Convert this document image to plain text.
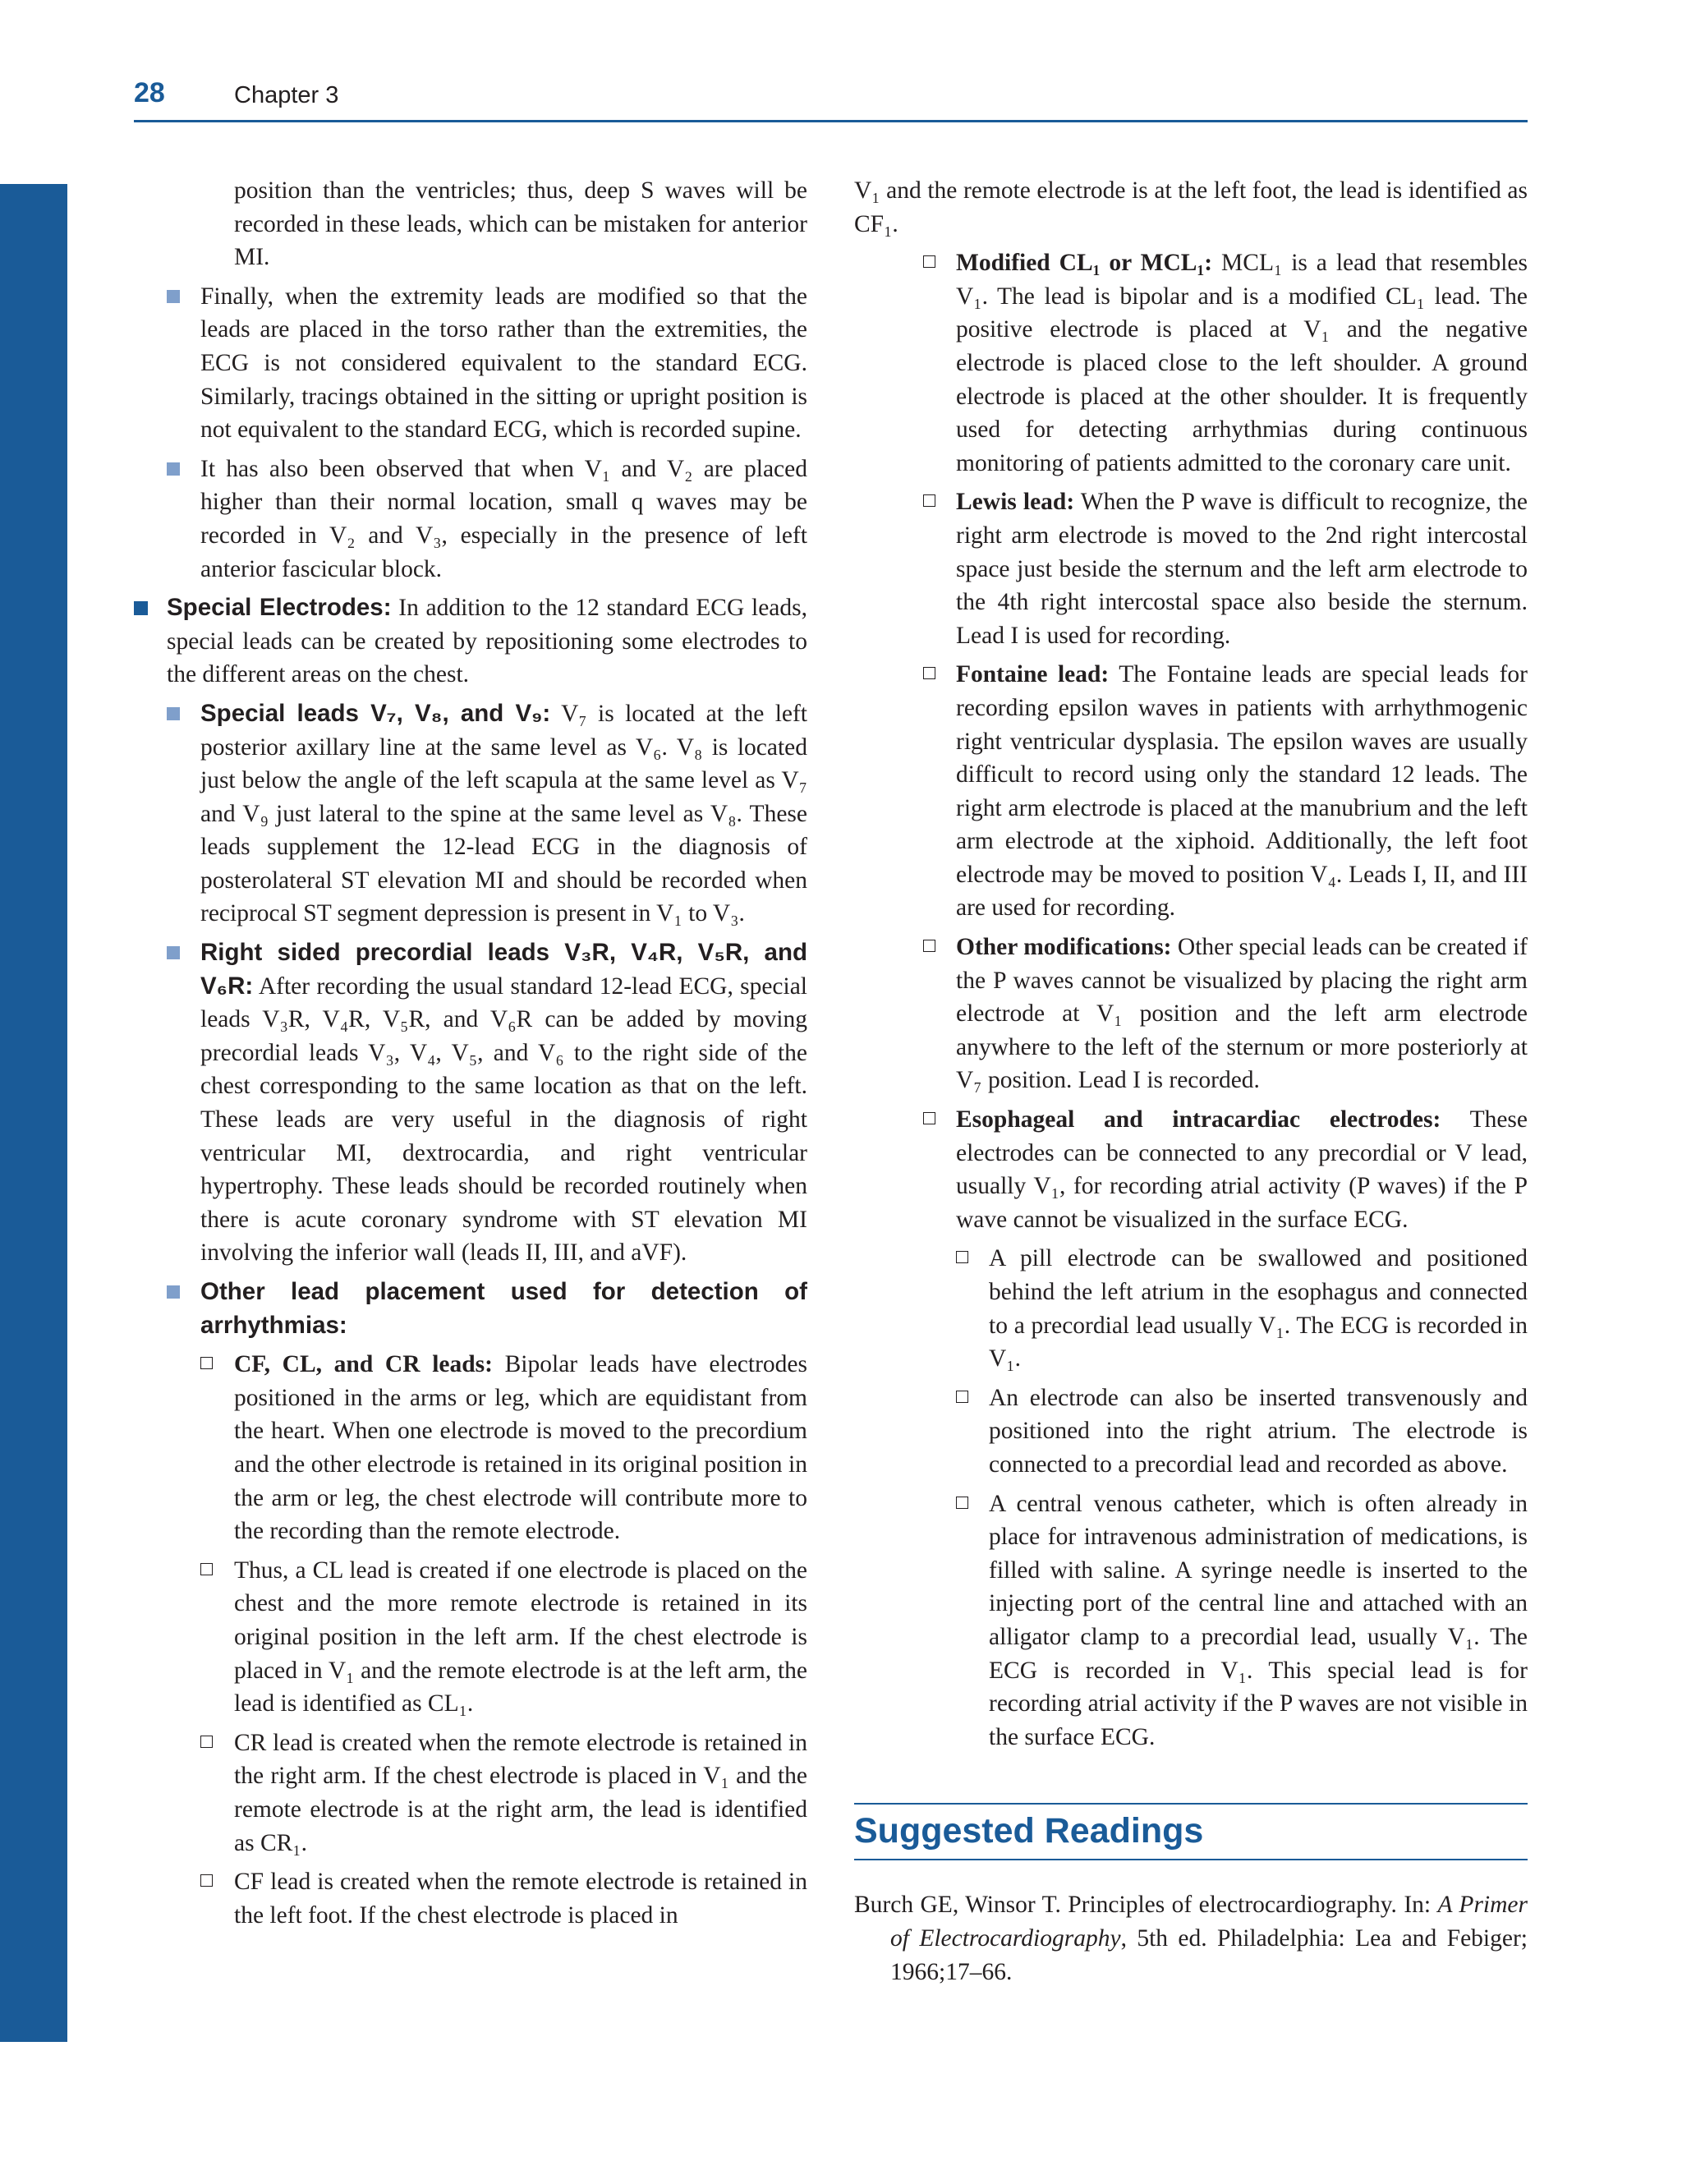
28	Chapter 3

position than the ventricles; thus, deep S waves will be recorded in these leads, which can be mistaken for anterior MI.

Finally, when the extremity leads are modified so that the leads are placed in the torso rather than the extremities, the ECG is not considered equivalent to the standard ECG. Similarly, tracings obtained in the sitting or upright position is not equivalent to the standard ECG, which is recorded supine.
It has also been observed that when V₁ and V₂ are placed higher than their normal location, small q waves may be recorded in V₂ and V₃, especially in the presence of left anterior fascicular block.
Special Electrodes: In addition to the 12 standard ECG leads, special leads can be created by repositioning some electrodes to the different areas on the chest.
Special leads V₇, V₈, and V₉: V₇ is located at the left posterior axillary line at the same level as V₆. V₈ is located just below the angle of the left scapula at the same level as V₇ and V₉ just lateral to the spine at the same level as V₈. These leads supplement the 12-lead ECG in the diagnosis of posterolateral ST elevation MI and should be recorded when reciprocal ST segment depression is present in V₁ to V₃.
Right sided precordial leads V₃R, V₄R, V₅R, and V₆R: After recording the usual standard 12-lead ECG, special leads V₃R, V₄R, V₅R, and V₆R can be added by moving precordial leads V₃, V₄, V₅, and V₆ to the right side of the chest corresponding to the same location as that on the left. These leads are very useful in the diagnosis of right ventricular MI, dextrocardia, and right ventricular hypertrophy. These leads should be recorded routinely when there is acute coronary syndrome with ST elevation MI involving the inferior wall (leads II, III, and aVF).
Other lead placement used for detection of arrhythmias:
CF, CL, and CR leads: Bipolar leads have electrodes positioned in the arms or leg, which are equidistant from the heart. When one electrode is moved to the precordium and the other electrode is retained in its original position in the arm or leg, the chest electrode will contribute more to the recording than the remote electrode.
Thus, a CL lead is created if one electrode is placed on the chest and the more remote electrode is retained in its original position in the left arm. If the chest electrode is placed in V₁ and the remote electrode is at the left arm, the lead is identified as CL₁.
CR lead is created when the remote electrode is retained in the right arm. If the chest electrode is placed in V₁ and the remote electrode is at the right arm, the lead is identified as CR₁.
CF lead is created when the remote electrode is retained in the left foot. If the chest electrode is placed in

V₁ and the remote electrode is at the left foot, the lead is identified as CF₁.

Modified CL₁ or MCL₁: MCL₁ is a lead that resembles V₁. The lead is bipolar and is a modified CL₁ lead. The positive electrode is placed at V₁ and the negative electrode is placed close to the left shoulder. A ground electrode is placed at the other shoulder. It is frequently used for detecting arrhythmias during continuous monitoring of patients admitted to the coronary care unit.
Lewis lead: When the P wave is difficult to recognize, the right arm electrode is moved to the 2nd right intercostal space just beside the sternum and the left arm electrode to the 4th right intercostal space also beside the sternum. Lead I is used for recording.
Fontaine lead: The Fontaine leads are special leads for recording epsilon waves in patients with arrhythmogenic right ventricular dysplasia. The epsilon waves are usually difficult to record using only the standard 12 leads. The right arm electrode is placed at the manubrium and the left arm electrode at the xiphoid. Additionally, the left foot electrode may be moved to position V₄. Leads I, II, and III are used for recording.
Other modifications: Other special leads can be created if the P waves cannot be visualized by placing the right arm electrode at V₁ position and the left arm electrode anywhere to the left of the sternum or more posteriorly at V₇ position. Lead I is recorded.
Esophageal and intracardiac electrodes: These electrodes can be connected to any precordial or V lead, usually V₁, for recording atrial activity (P waves) if the P wave cannot be visualized in the surface ECG.
A pill electrode can be swallowed and positioned behind the left atrium in the esophagus and connected to a precordial lead usually V₁. The ECG is recorded in V₁.
An electrode can also be inserted transvenously and positioned into the right atrium. The electrode is connected to a precordial lead and recorded as above.
A central venous catheter, which is often already in place for intravenous administration of medications, is filled with saline. A syringe needle is inserted to the injecting port of the central line and attached with an alligator clamp to a precordial lead, usually V₁. The ECG is recorded in V₁. This special lead is for recording atrial activity if the P waves are not visible in the surface ECG.
Suggested Readings

Burch GE, Winsor T. Principles of electrocardiography. In: A Primer of Electrocardiography, 5th ed. Philadelphia: Lea and Febiger; 1966;17–66.
